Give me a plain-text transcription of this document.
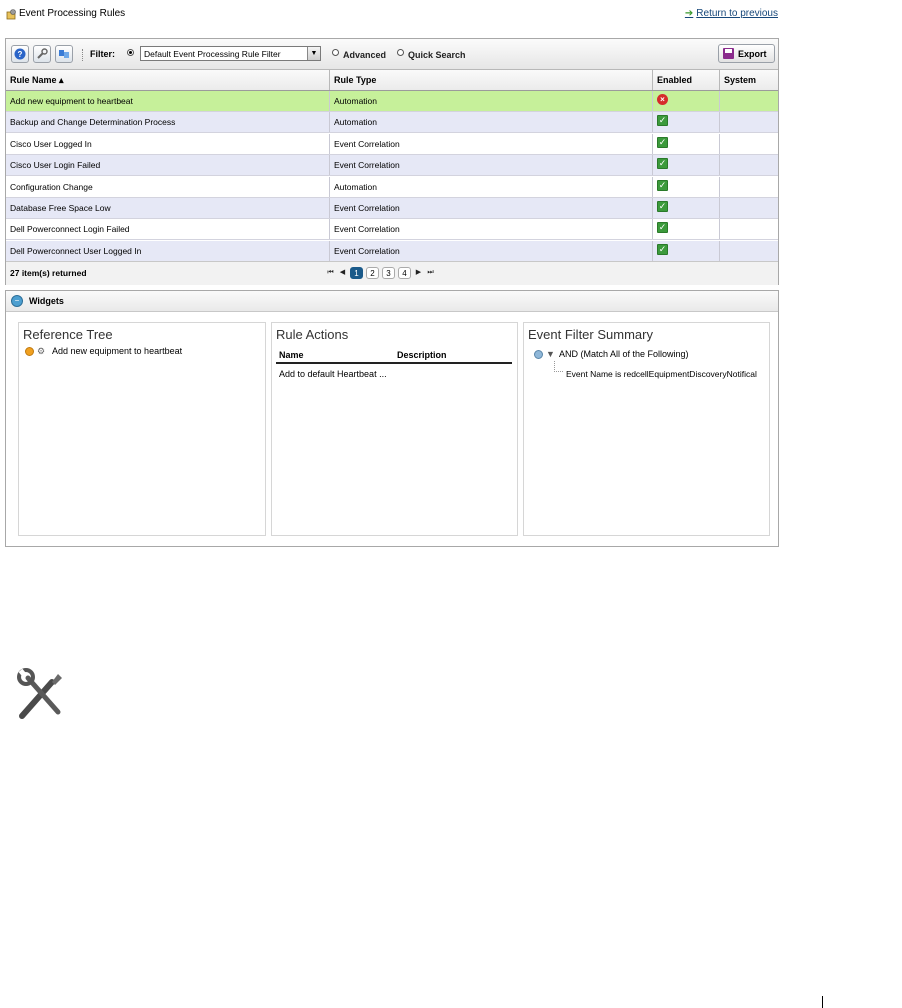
Event Processing Rules	➔ Return to previous
?	Filter:	Default Event Processing Rule Filter	▼	Advanced Quick Search	Export
Rule Name ▴	Rule Type	Enabled	System
Add new equipment to heartbeat	Automation	×
Backup and Change Determination Process	Automation	✓
Cisco User Logged In	Event Correlation	✓
Cisco User Login Failed	Event Correlation	✓
Configuration Change	Automation	✓
Database Free Space Low	Event Correlation	✓
Dell Powerconnect Login Failed	Event Correlation	✓
Dell Powerconnect User Logged In	Event Correlation	✓
27 item(s) returned	⏮ ◀	1	2	3	4	▶ ⏭
−	Widgets
Reference Tree
⚙ Add new equipment to heartbeat
Rule Actions
Name	Description
Add to default Heartbeat ...
Event Filter Summary
▼ AND (Match All of the Following)
Event Name is redcellEquipmentDiscoveryNotifical
